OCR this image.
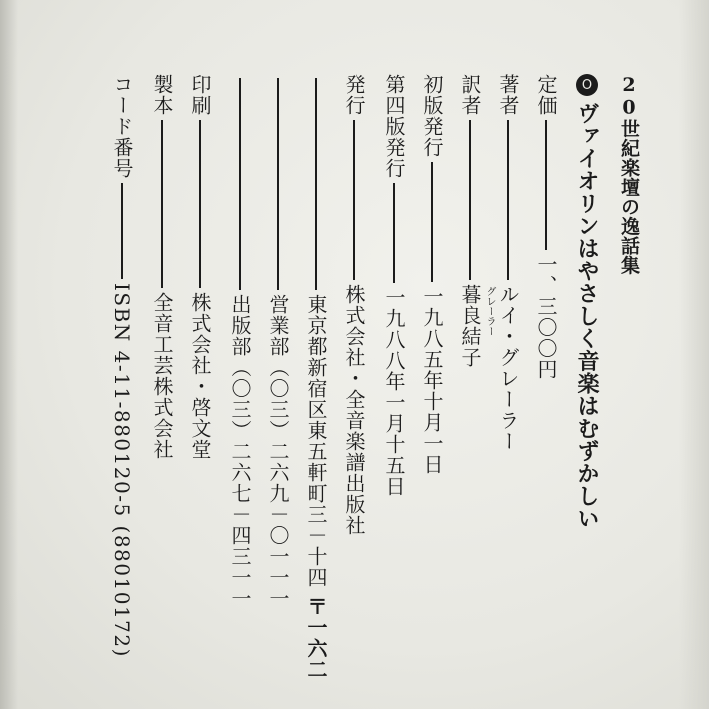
20世紀楽壇の逸話集
O
ヴァイオリンはやさしく音楽はむずかしい
定価
一、三〇〇円
著者
ルイ・グレーラー
訳者
グレーラー
暮良結子
初版発行
一九八五年十月一日
第四版発行
一九八八年一月十五日
発行
株式会社・全音楽譜出版社
東京都新宿区東五軒町三－十四
〒一六二
営業部（〇三）二六九－〇一一一
出版部（〇三）二六七－四三一一
印刷
株式会社・啓文堂
製本
全音工芸株式会社
コード番号
ISBN 4-11-880120-5 (88010172)
